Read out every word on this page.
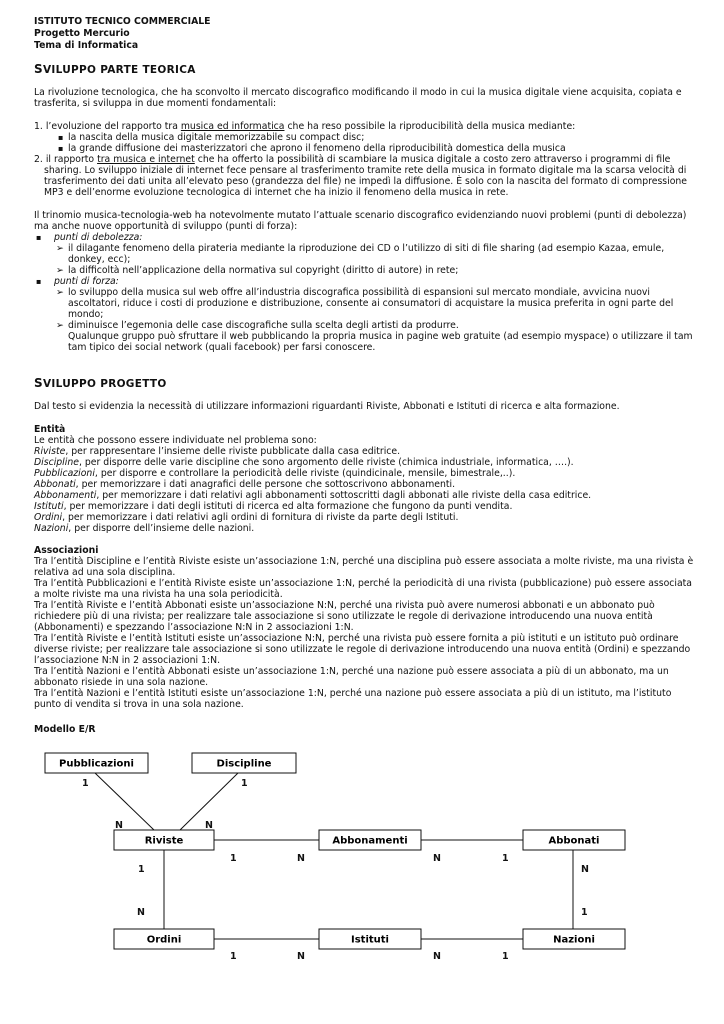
ISTITUTO TECNICO COMMERCIALE
Progetto Mercurio
Tema di Informatica
SVILUPPO PARTE TEORICA
La rivoluzione tecnologica, che ha sconvolto il mercato discografico modificando il modo in cui la musica digitale viene acquisita, copiata e
trasferita, si sviluppa in due momenti fondamentali:
1. l’evoluzione del rapporto tra musica ed informatica che ha reso possibile la riproducibilità della musica mediante:
▪ la nascita della musica digitale memorizzabile su compact disc;
▪ la grande diffusione dei masterizzatori che aprono il fenomeno della riproducibilità domestica della musica
2. il rapporto tra musica e internet che ha offerto la possibilità di scambiare la musica digitale a costo zero attraverso i programmi di file
sharing. Lo sviluppo iniziale di internet fece pensare al trasferimento tramite rete della musica in formato digitale ma la scarsa velocità di
trasferimento dei dati unita all’elevato peso (grandezza del file) ne impedì la diffusione. È solo con la nascita del formato di compressione
MP3 e dell’enorme evoluzione tecnologica di internet che ha inizio il fenomeno della musica in rete.
Il trinomio musica-tecnologia-web ha notevolmente mutato l’attuale scenario discografico evidenziando nuovi problemi (punti di debolezza)
ma anche nuove opportunità di sviluppo (punti di forza):
▪ punti di debolezza:
➢ il dilagante fenomeno della pirateria mediante la riproduzione dei CD o l’utilizzo di siti di file sharing (ad esempio Kazaa, emule,
donkey, ecc);
➢ la difficoltà nell’applicazione della normativa sul copyright (diritto di autore) in rete;
▪ punti di forza:
➢ lo sviluppo della musica sul web offre all’industria discografica possibilità di espansioni sul mercato mondiale, avvicina nuovi
ascoltatori, riduce i costi di produzione e distribuzione, consente ai consumatori di acquistare la musica preferita in ogni parte del
mondo;
➢ diminuisce l’egemonia delle case discografiche sulla scelta degli artisti da produrre.
Qualunque gruppo può sfruttare il web pubblicando la propria musica in pagine web gratuite (ad esempio myspace) o utilizzare il tam
tam tipico dei social network (quali facebook) per farsi conoscere.
SVILUPPO PROGETTO
Dal testo si evidenzia la necessità di utilizzare informazioni riguardanti Riviste, Abbonati e Istituti di ricerca e alta formazione.
Entità
Le entità che possono essere individuate nel problema sono:
Riviste, per rappresentare l’insieme delle riviste pubblicate dalla casa editrice.
Discipline, per disporre delle varie discipline che sono argomento delle riviste (chimica industriale, informatica, ….).
Pubblicazioni, per disporre e controllare la periodicità delle riviste (quindicinale, mensile, bimestrale,..).
Abbonati, per memorizzare i dati anagrafici delle persone che sottoscrivono abbonamenti.
Abbonamenti, per memorizzare i dati relativi agli abbonamenti sottoscritti dagli abbonati alle riviste della casa editrice.
Istituti, per memorizzare i dati degli istituti di ricerca ed alta formazione che fungono da punti vendita.
Ordini, per memorizzare i dati relativi agli ordini di fornitura di riviste da parte degli Istituti.
Nazioni, per disporre dell’insieme delle nazioni.
Associazioni
Tra l’entità Discipline e l’entità Riviste esiste un’associazione 1:N, perché una disciplina può essere associata a molte riviste, ma una rivista è
relativa ad una sola disciplina.
Tra l’entità Pubblicazioni e l’entità Riviste esiste un’associazione 1:N, perché la periodicità di una rivista (pubblicazione) può essere associata
a molte riviste ma una rivista ha una sola periodicità.
Tra l’entità Riviste e l’entità Abbonati esiste un’associazione N:N, perché una rivista può avere numerosi abbonati e un abbonato può
richiedere più di una rivista; per realizzare tale associazione si sono utilizzate le regole di derivazione introducendo una nuova entità
(Abbonamenti) e spezzando l’associazione N:N in 2 associazioni 1:N.
Tra l’entità Riviste e l’entità Istituti esiste un’associazione N:N, perché una rivista può essere fornita a più istituti e un istituto può ordinare
diverse riviste; per realizzare tale associazione si sono utilizzate le regole di derivazione introducendo una nuova entità (Ordini) e spezzando
l’associazione N:N in 2 associazioni 1:N.
Tra l’entità Nazioni e l’entità Abbonati esiste un’associazione 1:N, perché una nazione può essere associata a più di un abbonato, ma un
abbonato risiede in una sola nazione.
Tra l’entità Nazioni e l’entità Istituti esiste un’associazione 1:N, perché una nazione può essere associata a più di un istituto, ma l’istituto
punto di vendita si trova in una sola nazione.
Modello E/R
Pubblicazioni	Discipline
Riviste	Abbonamenti	Abbonati
Ordini	Istituti	Nazioni
1	1
N	N
1	N	N	1
1
N
N
1
1	N	N	1
